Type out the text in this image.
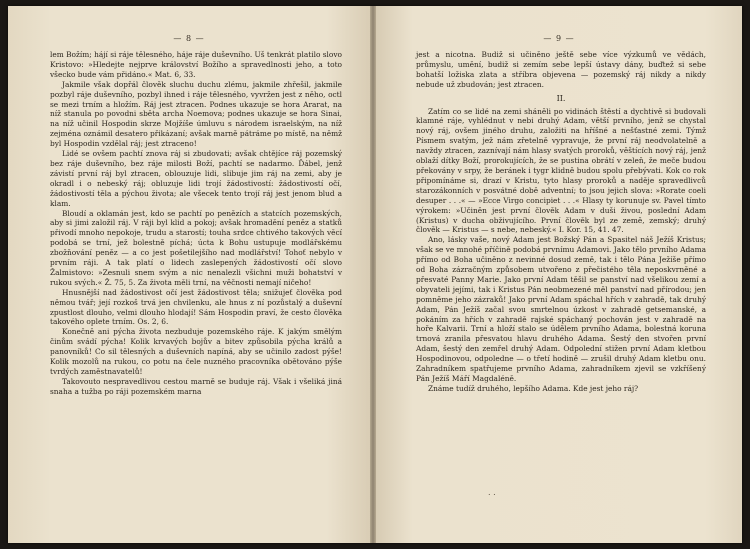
— 8 —

lem Božím; hájí si ráje tělesného, háje ráje duševního. Uš tenkrát platilo slovo Kristovo: »Hledejte nejprve království Božího a spravedlnosti jeho, a toto všecko bude vám přidáno.« Mat. 6, 33.

Jakmile však dopřál člověk sluchu duchu zlému, jakmile zhřešil, jakmile pozbyl ráje duševního, pozbyl ihned i ráje tělesného, vyvržen jest z něho, octl se mezi trním a hložím. Ráj jest ztracen. Podnes ukazuje se hora Ararat, na níž stanula po povodni sběta archa Noemova; podnes ukazuje se hora Sinai, na níž učinil Hospodin skrze Mojžíše úmluvu s národem israelským, na níž zejména oznámil desatero přikázaní; avšak marně pátráme po místě, na němž byl Hospodin vzdělal ráj; jest ztraceno!

Lidé se ovšem pachtí znova ráj si zbudovati; avšak chtějíce ráj pozemský bez ráje duševního, bez ráje milosti Boží, pachtí se nadarmo. Ďábel, jenž závistí první ráj byl ztracen, oblouzuje lidi, slibuje jim ráj na zemi, aby je okradl i o nebeský ráj; obluzuje lidi trojí žádostivostí: žádostivostí očí, žádostivostí těla a pýchou života; ale všecek tento trojí ráj jest jenom blud a klam.

Bloudí a oklamán jest, kdo se pachtí po penězích a statcích pozemských, aby si jimi založil ráj. V ráji byl klid a pokoj; avšak hromadění peněz a statků přivodí mnoho nepokoje, trudu a starostí; touha srdce chtivého takových věcí podobá se trní, jež bolestně píchá; úcta k Bohu ustupuje modlářskému zbožňování peněz — a co jest pošetilejšího nad modlářství! Tohoť nebylo v prvním ráji. A tak platí o lidech zaslepených žádostivostí očí slovo Žalmistovo: »Zesnuli snem svým a nic nenalezli všichni muži bohatství v rukou svých.« Ž. 75, 5. Za života měli trní, na věčnosti nemají ničeho!

Hnusnější nad žádostivost očí jest žádostivost těla; snižujeť člověka pod němou tvář; její rozkoš trvá jen chvilenku, ale hnus z ní pozůstalý a duševní zpustlost dlouho, velmi dlouho hlodají! Sám Hospodin praví, že cesto člověka takového oplete trním. Os. 2, 6.

Konečně ani pýcha života nezbuduje pozemského ráje. K jakým smělým činům svádí pýcha! Kolik krvavých bojův a bitev způsobila pýcha králů a panovníků! Co sil tělesných a duševních napíná, aby se učinilo zadost pýše! Kolik mozolů na rukou, co potu na čele nuzného pracovníka obětováno pýše tvrdých zaměstnavatelů!

Takovouto nespravedlivou cestou marně se buduje ráj. Však i všeliká jiná snaha a tužba po ráji pozemském marna

— 9 —

jest a nicotna. Budiž si učiněno ještě sebe více výzkumů ve vědách, průmyslu, umění, budiž si zemím sebe lepší ústavy dány, buďtež si sebe bohatší ložiska zlata a stříbra objevena — pozemský ráj nikdy a nikdy nebude už zbudován; jest ztracen.

II.

Zatím co se lidé na zemi sháněli po vidinách štěstí a dychtivě si budovali klamné ráje, vyhlédnut v nebi druhý Adam, větší prvního, jenž se chystal nový ráj, ovšem jiného druhu, založiti na hříšné a nešťastné zemi. Týmž Písmem svatým, jež nám zřetelně vypravuje, že první ráj neodvolatelně a navždy ztracen, zaznívají nám hlasy svatých proroků, věštících nový ráj, jenž oblaží dítky Boží, prorokujících, že se pustina obrátí v zeleň, že meče budou překovány v srpy, že beránek i tygr klidně budou spolu přebývati. Kok co rok připomínáme si, drazí v Kristu, tyto hlasy proroků a naděje spravedlivců starozákonních v posvátné době adventní; to jsou jejich slova: »Rorate coeli desuper . . .« — »Ecce Virgo concipiet . . .« Hlasy ty korunuje sv. Pavel tímto výrokem: »Učiněn jest první člověk Adam v duši živou, poslední Adam (Kristus) v ducha obživujícího. První člověk byl ze země, zemský; druhý člověk — Kristus — s nebe, nebeský.« I. Kor. 15, 41. 47.

Ano, lásky vaše, nový Adam jest Božský Pán a Spasitel náš Ježíš Kristus; však se ve mnohé příčině podobá prvnímu Adamovi. Jako tělo prvního Adama přímo od Boha učiněno z nevinné dosud země, tak i tělo Pána Ježíše přímo od Boha zázračným způsobem utvořeno z přečistého těla neposkvrněné a přesvaté Panny Marie. Jako první Adam těšil se panství nad všelikou zemí a obyvateli jejími, tak i Kristus Pán neobmezené měl panství nad přírodou; jen pomněme jeho zázraků! Jako první Adam spáchal hřích v zahradě, tak druhý Adam, Pán Ježíš začal svou smrtelnou úzkost v zahradě getsemanské, a pokáním za hřích v zahradě rajské spáchaný pochován jest v zahradě na hoře Kalvarii. Trní a hloží stalo se údělem prvního Adama, bolestná koruna trnová zranila přesvatou hlavu druhého Adama. Šestý den stvořen první Adam, šestý den zemřel druhý Adam. Odpolední stižen první Adam kletbou Hospodinovou, odpoledne — o třetí hodině — zrušil druhý Adam kletbu onu. Zahradníkem spatřujeme prvního Adama, zahradníkem zjevil se vzkříšený Pán Ježíš Máří Magdaléně.

Známe tudíž druhého, lepšího Adama. Kde jest jeho ráj?

. .
